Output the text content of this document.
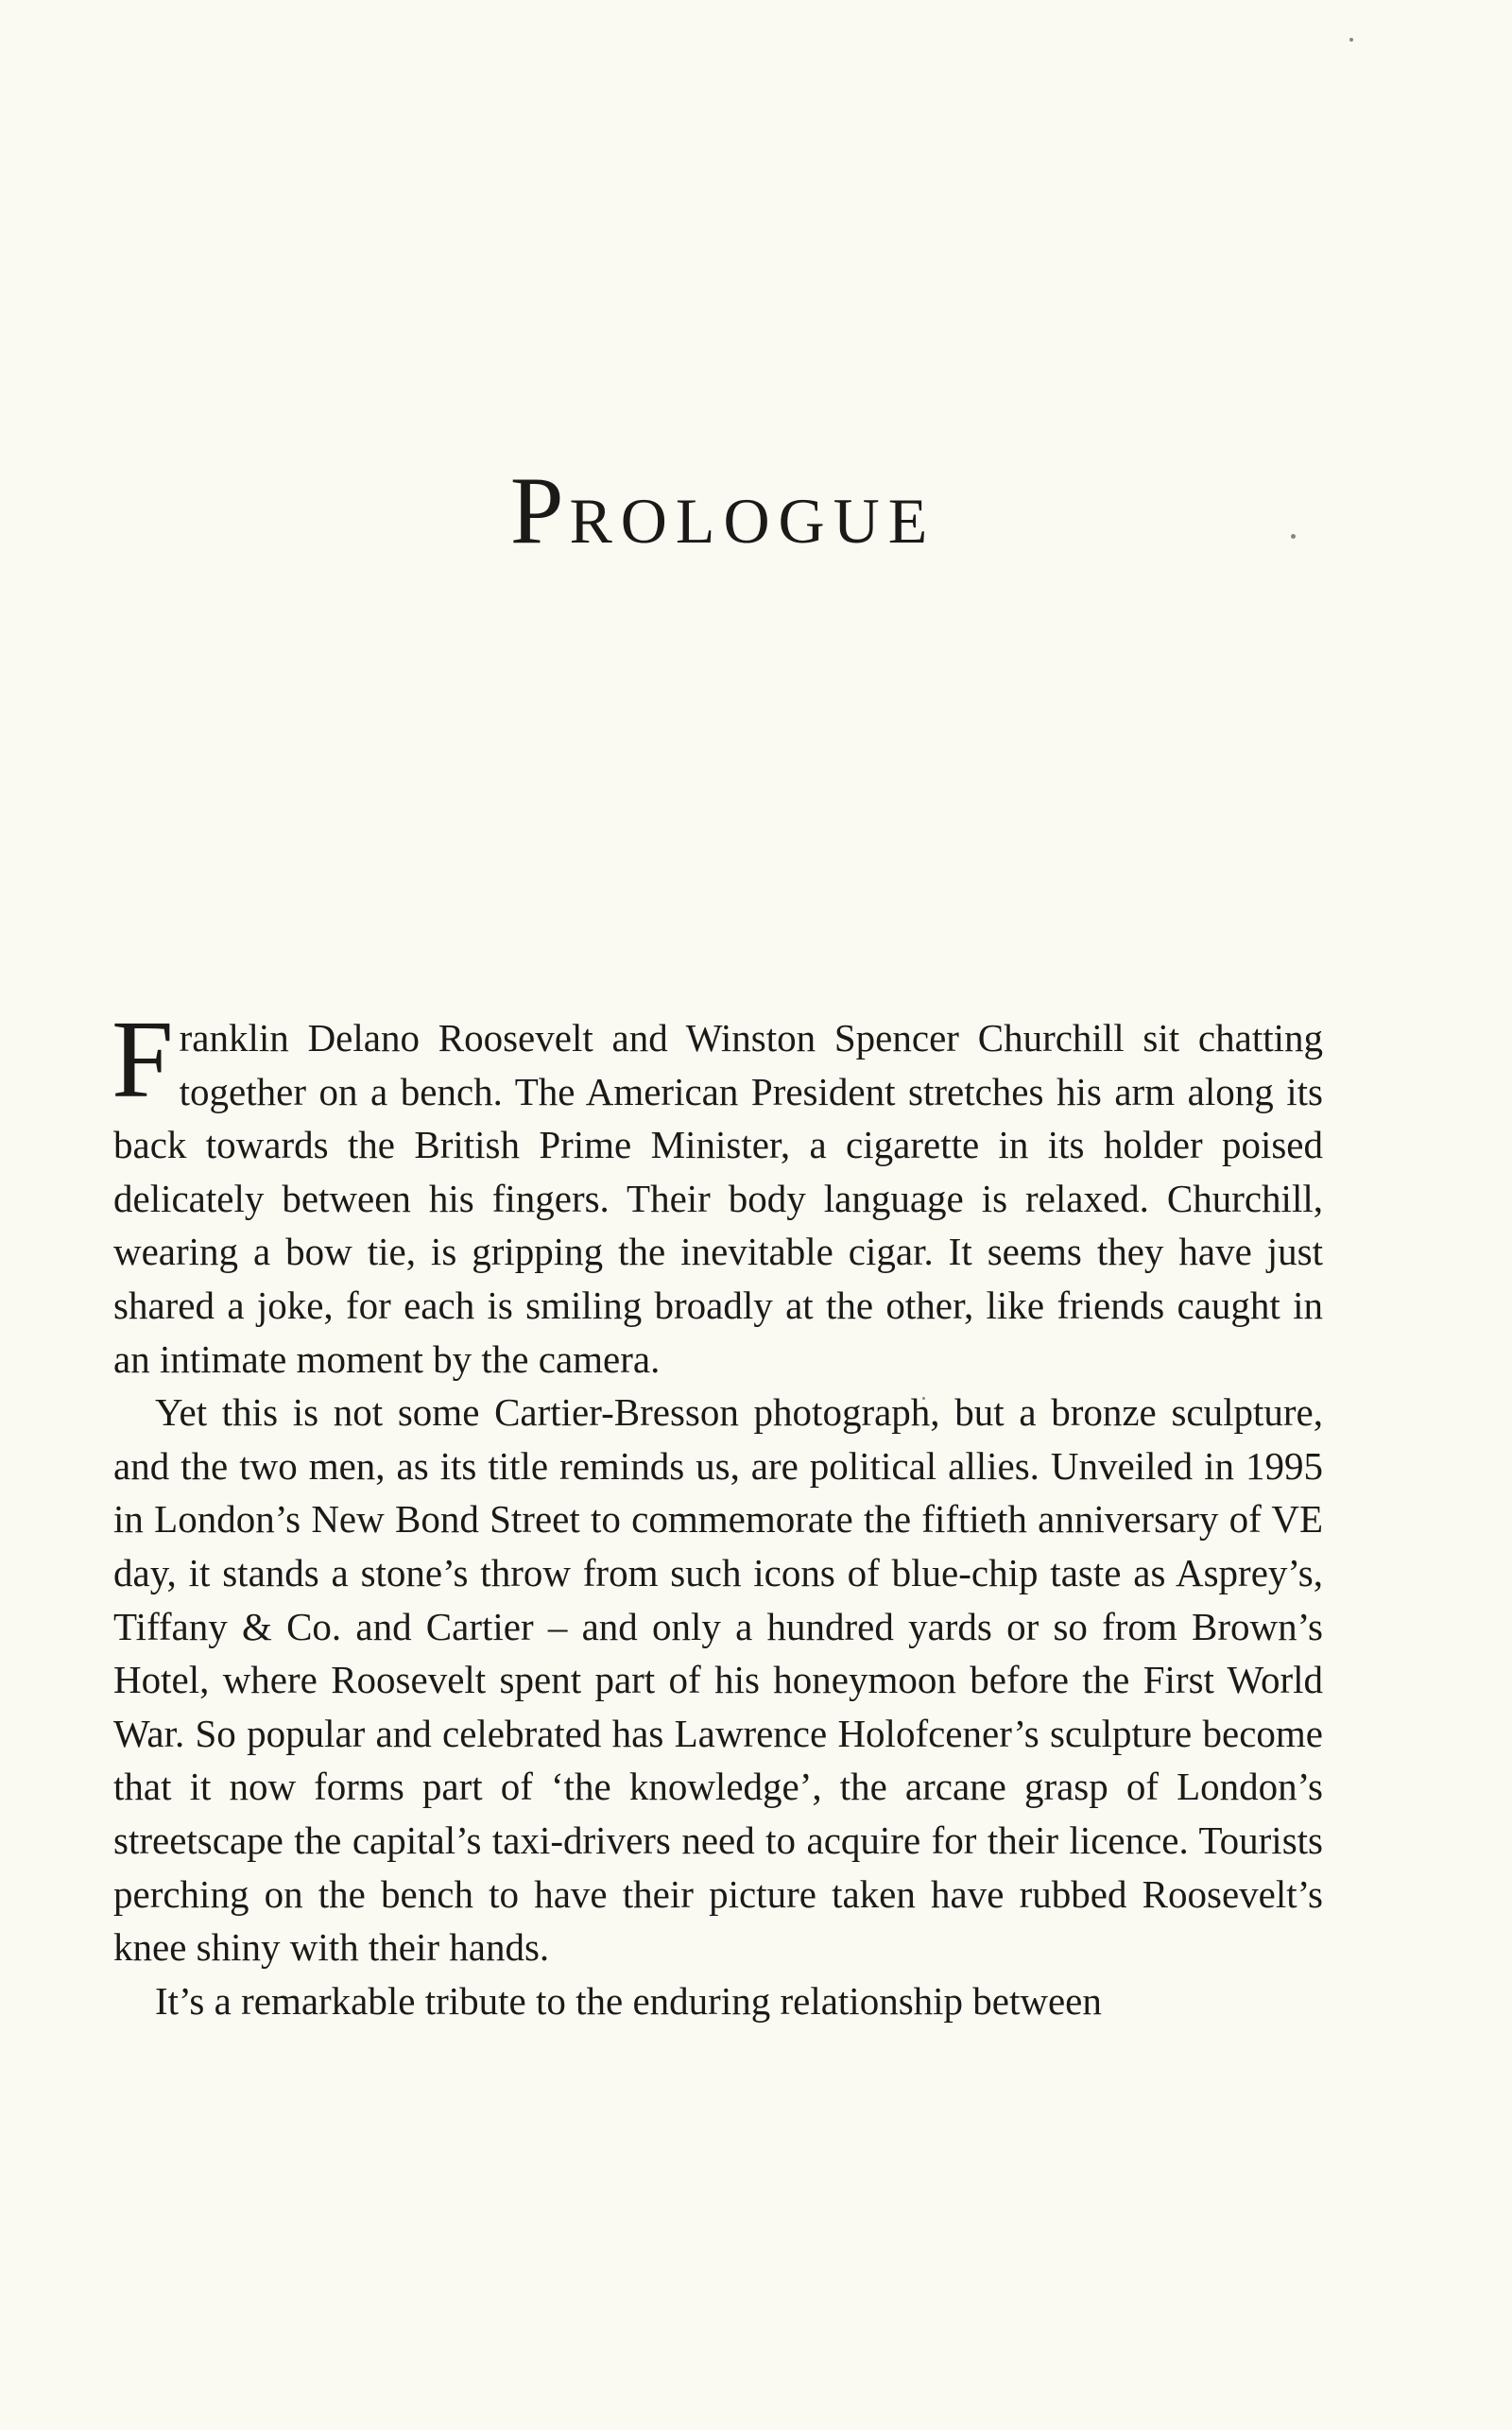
PROLOGUE

Franklin Delano Roosevelt and Winston Spencer Churchill sit chatting together on a bench. The American President stretches his arm along its back towards the British Prime Minister, a cigarette in its holder poised delicately between his fingers. Their body language is relaxed. Churchill, wearing a bow tie, is gripping the inevitable cigar. It seems they have just shared a joke, for each is smiling broadly at the other, like friends caught in an intimate moment by the camera.

Yet this is not some Cartier-Bresson photograph, but a bronze sculpture, and the two men, as its title reminds us, are political allies. Unveiled in 1995 in London’s New Bond Street to commemorate the fiftieth anniversary of VE day, it stands a stone’s throw from such icons of blue-chip taste as Asprey’s, Tiffany & Co. and Cartier – and only a hundred yards or so from Brown’s Hotel, where Roosevelt spent part of his honeymoon before the First World War. So popular and celebrated has Lawrence Holofcener’s sculpture become that it now forms part of ‘the knowledge’, the arcane grasp of London’s streetscape the capital’s taxi-drivers need to acquire for their licence. Tourists perching on the bench to have their picture taken have rubbed Roosevelt’s knee shiny with their hands.

It’s a remarkable tribute to the enduring relationship between
